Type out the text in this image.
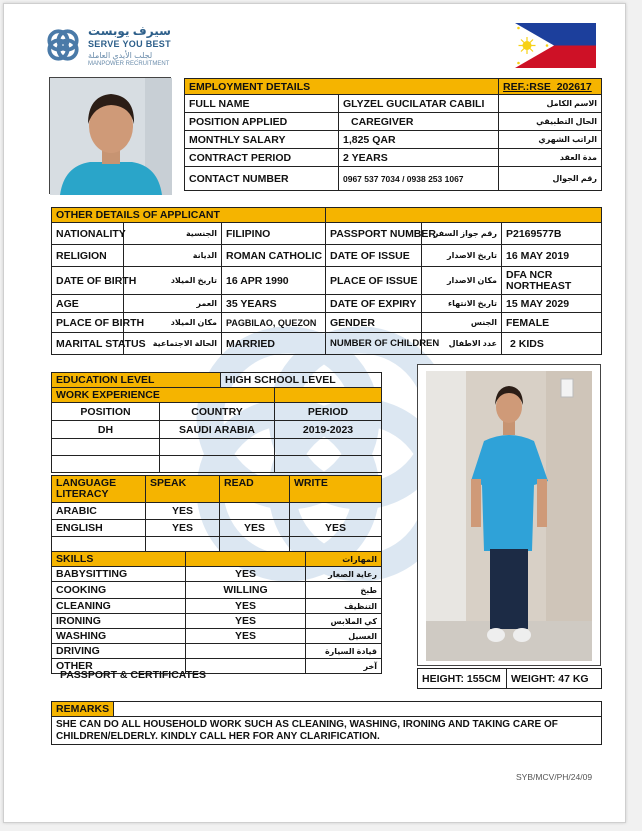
سيرف يوبست
SERVE YOU BEST
لجلب الأيدي العاملة
MANPOWER RECRUITMENT
EMPLOYMENT DETAILS		REF.:RSE_202617
FULL NAME	GLYZEL GUCILATAR CABILI	الاسم الكامل
POSITION APPLIED	CAREGIVER	الحال التطبيقي
MONTHLY SALARY	1,825 QAR	الراتب الشهري
CONTRACT PERIOD	2 YEARS	مدة العقد
CONTACT NUMBER	0967 537 7034 / 0938 253 1067	رقم الجوال
OTHER DETAILS OF APPLICANT					
NATIONALITY	الجنسية	FILIPINO	PASSPORT NUMBER	رقم جواز السفر	P2169577B
RELIGION	الديانة	ROMAN CATHOLIC	DATE OF ISSUE	تاريخ الاصدار	16 MAY 2019
DATE OF BIRTH	تاريخ الميلاد	16 APR 1990	PLACE OF ISSUE	مكان الاصدار	DFA NCR NORTHEAST
AGE	العمر	35 YEARS	DATE OF EXPIRY	تاريخ الانتهاء	15 MAY 2029
PLACE OF BIRTH	مكان الميلاد	PAGBILAO, QUEZON	GENDER	الجنس	FEMALE
MARITAL STATUS	الحالة الاجتماعية	MARRIED	NUMBER OF CHILDREN	عدد الاطفال	2 KIDS
EDUCATION LEVEL	HIGH SCHOOL LEVEL
WORK EXPERIENCE		
POSITION	COUNTRY	PERIOD
DH	SAUDI ARABIA	2019-2023

LANGUAGE LITERACY	SPEAK	READ	WRITE
ARABIC	YES		
ENGLISH	YES	YES	YES

SKILLS		المهارات
BABYSITTING	YES	رعاية الصغار
COOKING	WILLING	طبخ
CLEANING	YES	التنظيف
IRONING	YES	كي الملابس
WASHING	YES	الغسيل
DRIVING		قيادة السيارة
OTHER		آخر
PASSPORT & CERTIFICATES	HEIGHT: 155CM	WEIGHT: 47 KG
REMARKS	
SHE CAN DO ALL HOUSEHOLD WORK SUCH AS CLEANING, WASHING, IRONING AND TAKING CARE OF CHILDREN/ELDERLY. KINDLY CALL HER FOR ANY CLARIFICATION.
SYB/MCV/PH/24/09
